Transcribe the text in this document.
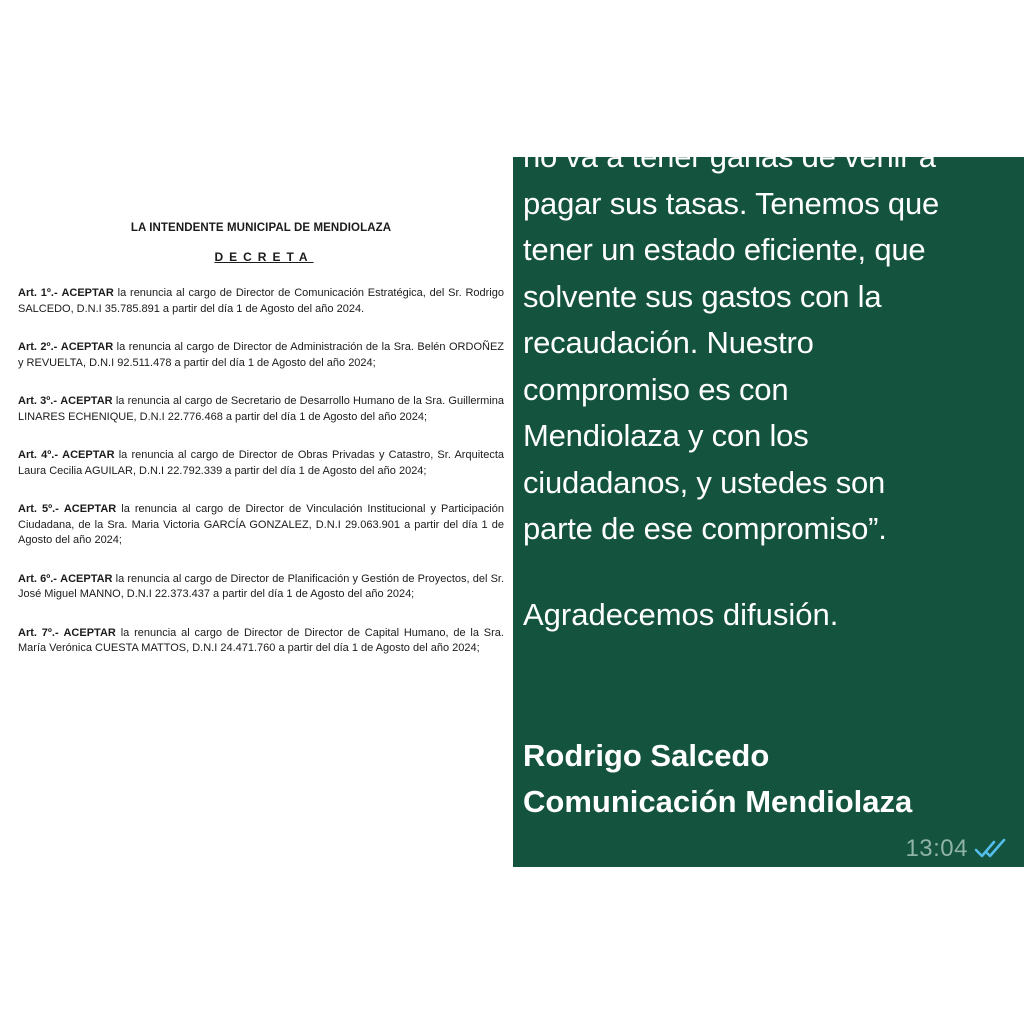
LA INTENDENTE MUNICIPAL DE MENDIOLAZA
DECRETA
Art. 1º.- ACEPTAR la renuncia al cargo de Director de Comunicación Estratégica, del Sr. Rodrigo SALCEDO, D.N.I 35.785.891 a partir del día 1 de Agosto del año 2024.
Art. 2º.- ACEPTAR la renuncia al cargo de Director de Administración de la Sra. Belén ORDOÑEZ y REVUELTA, D.N.I 92.511.478 a partir del día 1 de Agosto del año 2024;
Art. 3º.- ACEPTAR la renuncia al cargo de Secretario de Desarrollo Humano de la Sra. Guillermina LINARES ECHENIQUE, D.N.I 22.776.468 a partir del día 1 de Agosto del año 2024;
Art. 4º.- ACEPTAR la renuncia al cargo de Director de Obras Privadas y Catastro, Sr. Arquitecta Laura Cecilia AGUILAR, D.N.I 22.792.339 a partir del día 1 de Agosto del año 2024;
Art. 5º.- ACEPTAR la renuncia al cargo de Director de Vinculación Institucional y Participación Ciudadana, de la Sra. Maria Victoria GARCÍA GONZALEZ, D.N.I 29.063.901 a partir del día 1 de Agosto del año 2024;
Art. 6º.- ACEPTAR la renuncia al cargo de Director de Planificación y Gestión de Proyectos, del Sr. José Miguel MANNO, D.N.I 22.373.437 a partir del día 1 de Agosto del año 2024;
Art. 7º.- ACEPTAR la renuncia al cargo de Director de Director de Capital Humano, de la Sra. María Verónica CUESTA MATTOS, D.N.I 24.471.760 a partir del día 1 de Agosto del año 2024;
no va a tener ganas de venir a
pagar sus tasas. Tenemos que
tener un estado eficiente, que
solvente sus gastos con la
recaudación. Nuestro
compromiso es con
Mendiolaza y con los
ciudadanos, y ustedes son
parte de ese compromiso”.
Agradecemos difusión.
Rodrigo Salcedo
Comunicación Mendiolaza
13:04
